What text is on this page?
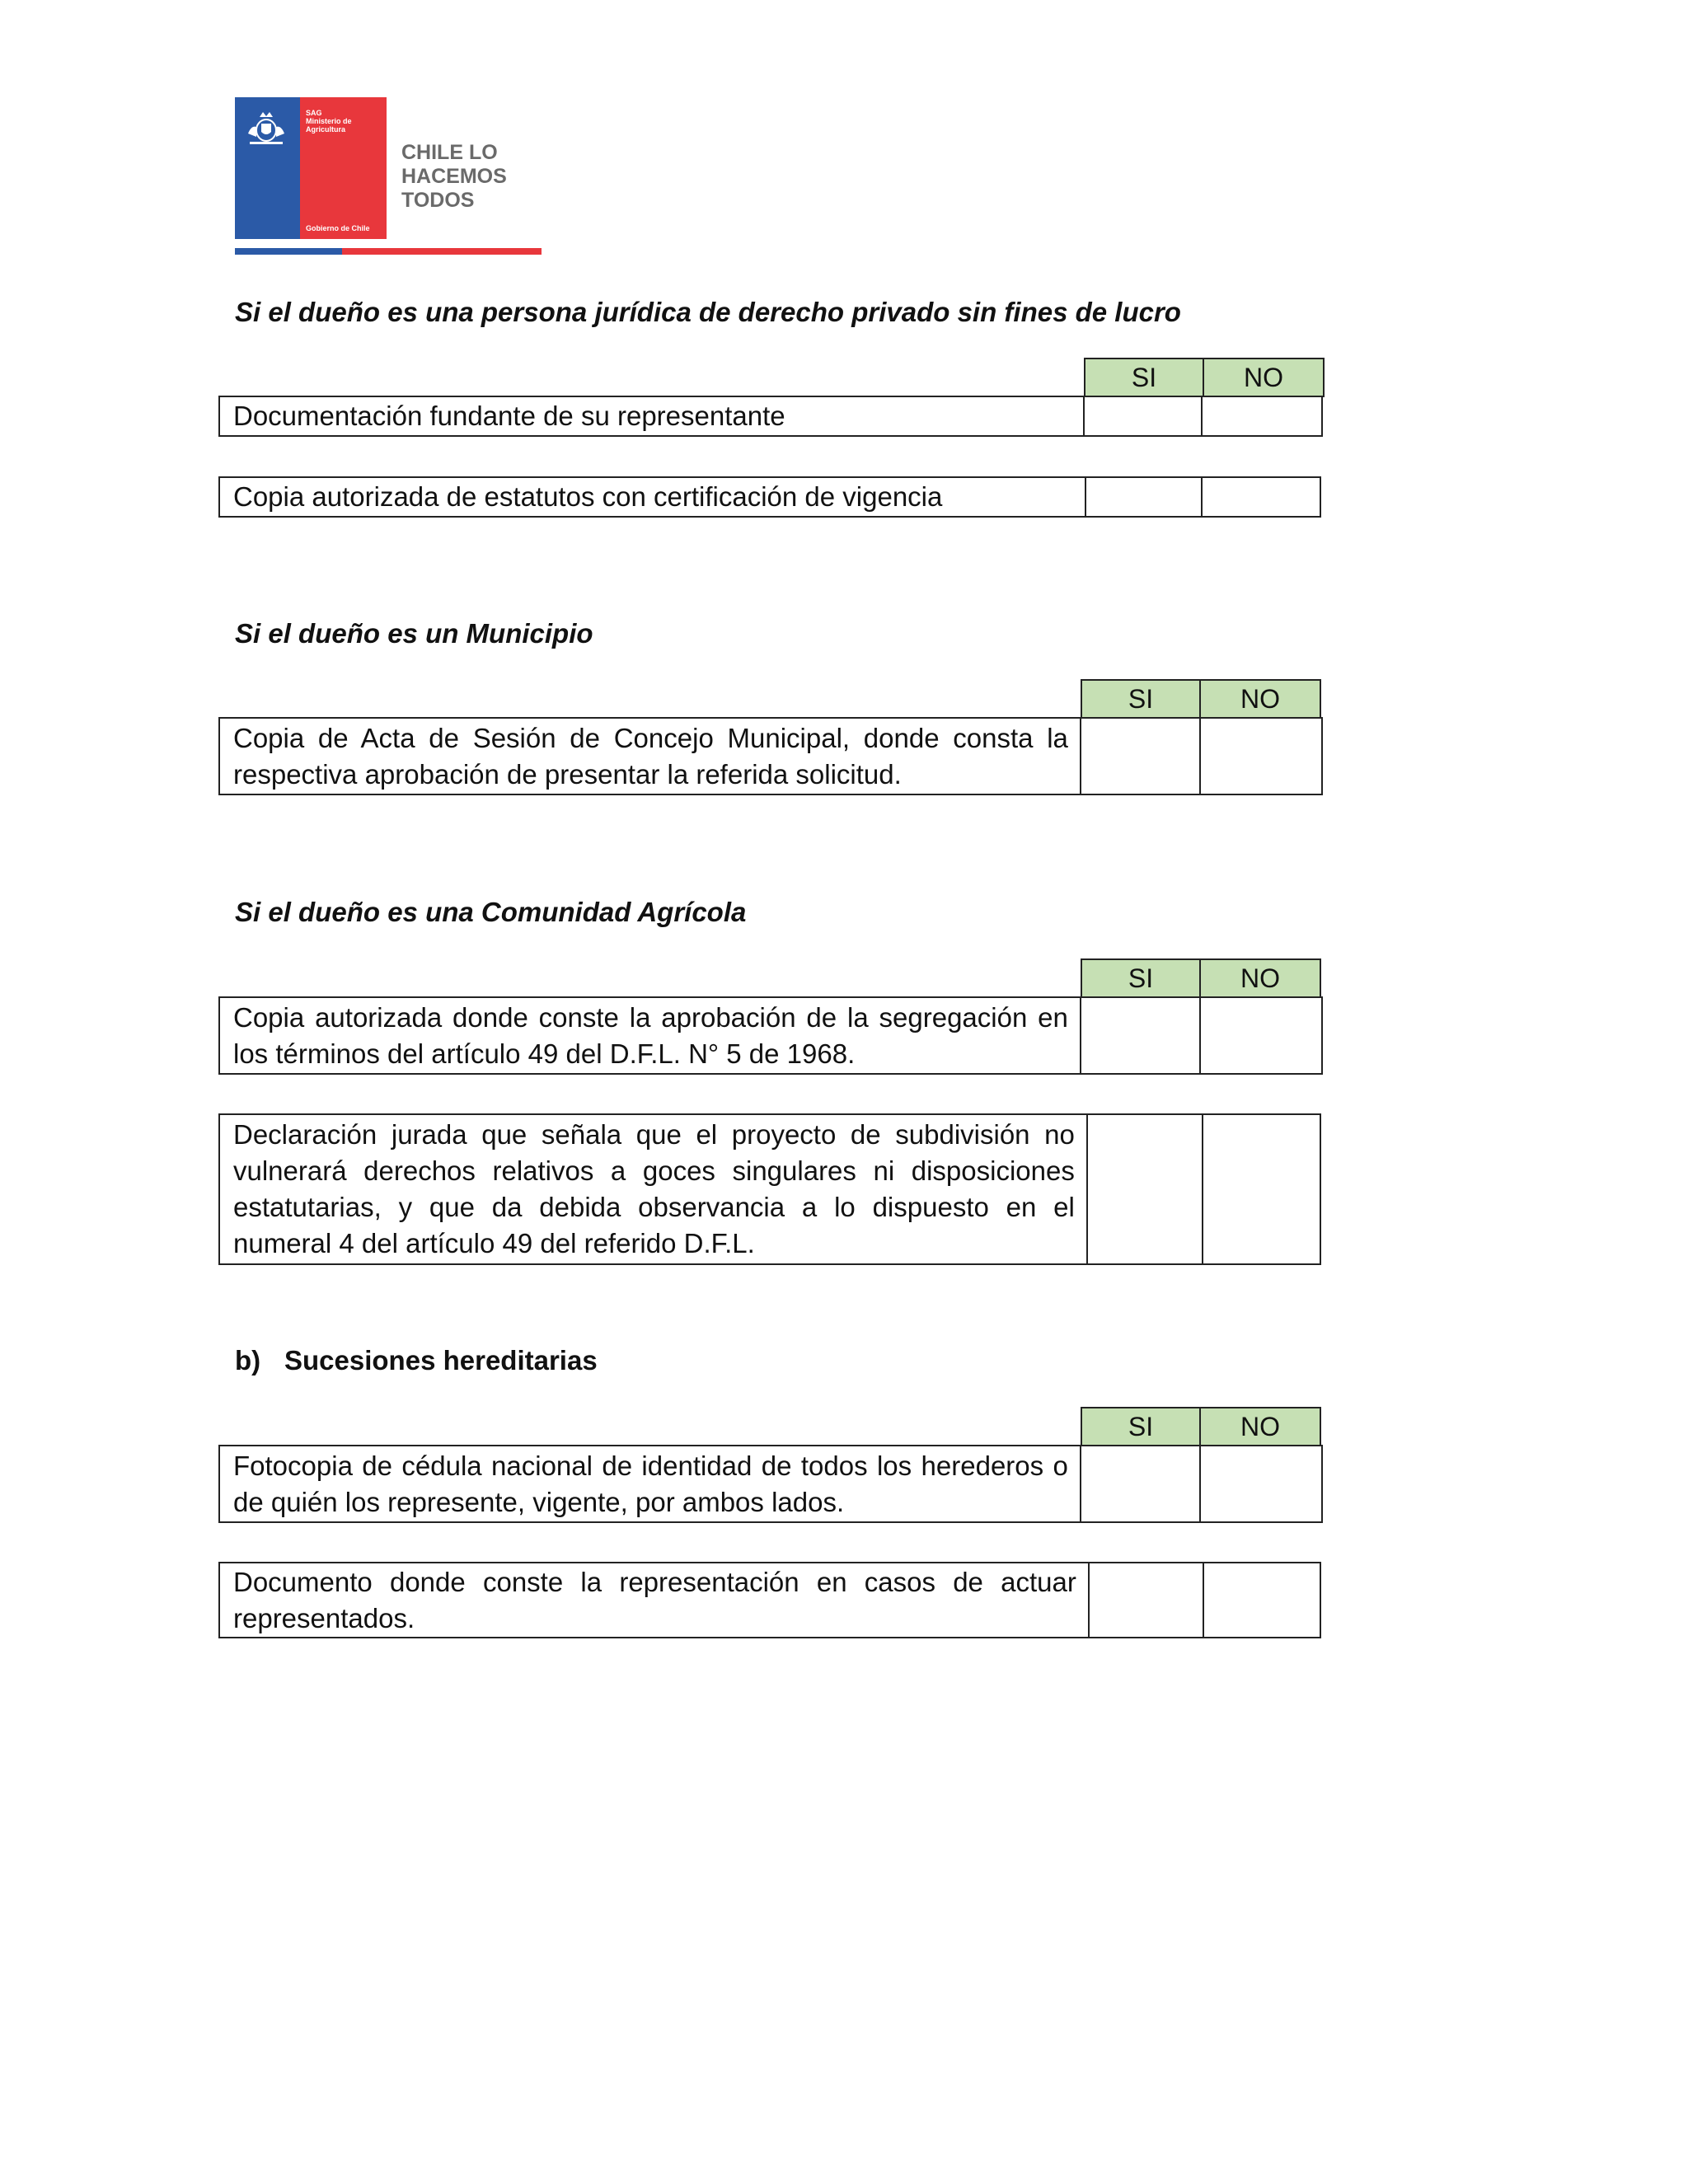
SAG
Ministerio de
Agricultura
Gobierno de Chile
CHILE LO
HACEMOS
TODOS
Si el dueño es una persona jurídica de derecho privado sin fines de lucro
SI	NO
Documentación fundante de su representante
Copia autorizada de estatutos con certificación de vigencia
Si el dueño es un Municipio
SI	NO
Copia de Acta de Sesión de Concejo Municipal, donde consta la respectiva aprobación de presentar la referida solicitud.
Si el dueño es una Comunidad Agrícola
SI	NO
Copia autorizada donde conste la aprobación de la segregación en los términos del artículo 49 del D.F.L. N° 5 de 1968.
Declaración jurada que señala que el proyecto de subdivisión no vulnerará derechos relativos a goces singulares ni disposiciones estatutarias, y que da debida observancia a lo dispuesto en el numeral 4 del artículo 49 del referido D.F.L.
b) Sucesiones hereditarias
SI	NO
Fotocopia de cédula nacional de identidad de todos los herederos o de quién los represente, vigente, por ambos lados.
Documento donde conste la representación en casos de actuar representados.
